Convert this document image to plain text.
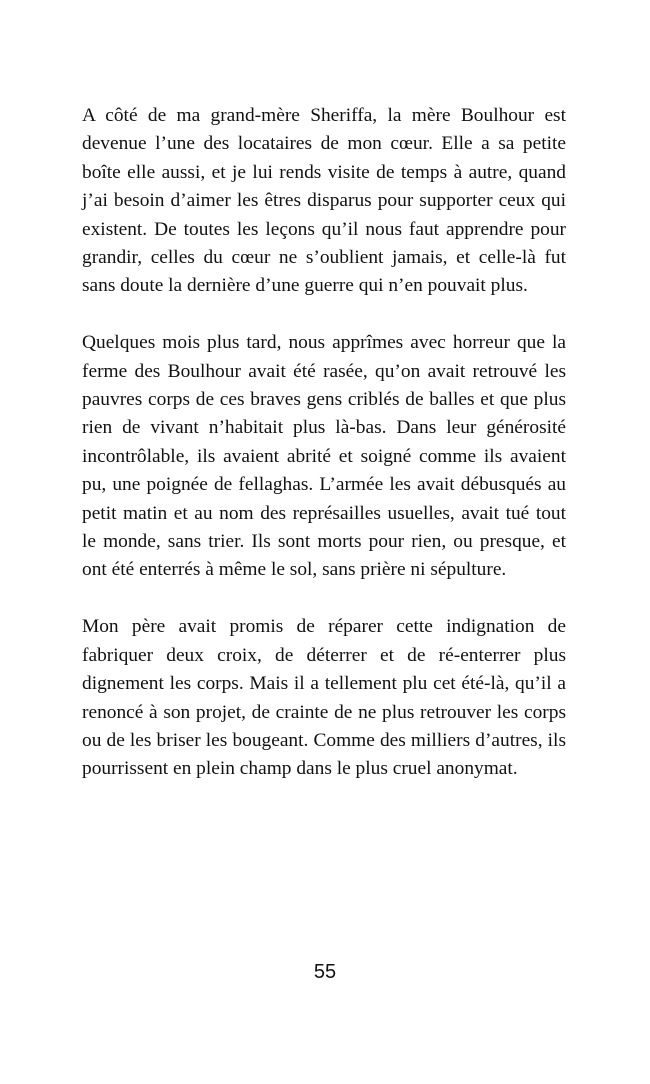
A côté de ma grand-mère Sheriffa, la mère Boulhour est devenue l’une des locataires de mon cœur. Elle a sa petite boîte elle aussi, et je lui rends visite de temps à autre, quand j’ai besoin d’aimer les êtres disparus pour supporter ceux qui existent. De toutes les leçons qu’il nous faut apprendre pour grandir, celles du cœur ne s’oublient jamais, et celle-là fut sans doute la dernière d’une guerre qui n’en pouvait plus.

Quelques mois plus tard, nous apprîmes avec horreur que la ferme des Boulhour avait été rasée, qu’on avait retrouvé les pauvres corps de ces braves gens criblés de balles et que plus rien de vivant n’habitait plus là-bas. Dans leur générosité incontrôlable, ils avaient abrité et soigné comme ils avaient pu, une poignée de fellaghas. L’armée les avait débusqués au petit matin et au nom des représailles usuelles, avait tué tout le monde, sans trier. Ils sont morts pour rien, ou presque, et ont été enterrés à même le sol, sans prière ni sépulture.

Mon père avait promis de réparer cette indignation de fabriquer deux croix, de déterrer et de ré-enterrer plus dignement les corps. Mais il a tellement plu cet été-là, qu’il a renoncé à son projet, de crainte de ne plus retrouver les corps ou de les briser les bougeant. Comme des milliers d’autres, ils pourrissent en plein champ dans le plus cruel anonymat.

55
